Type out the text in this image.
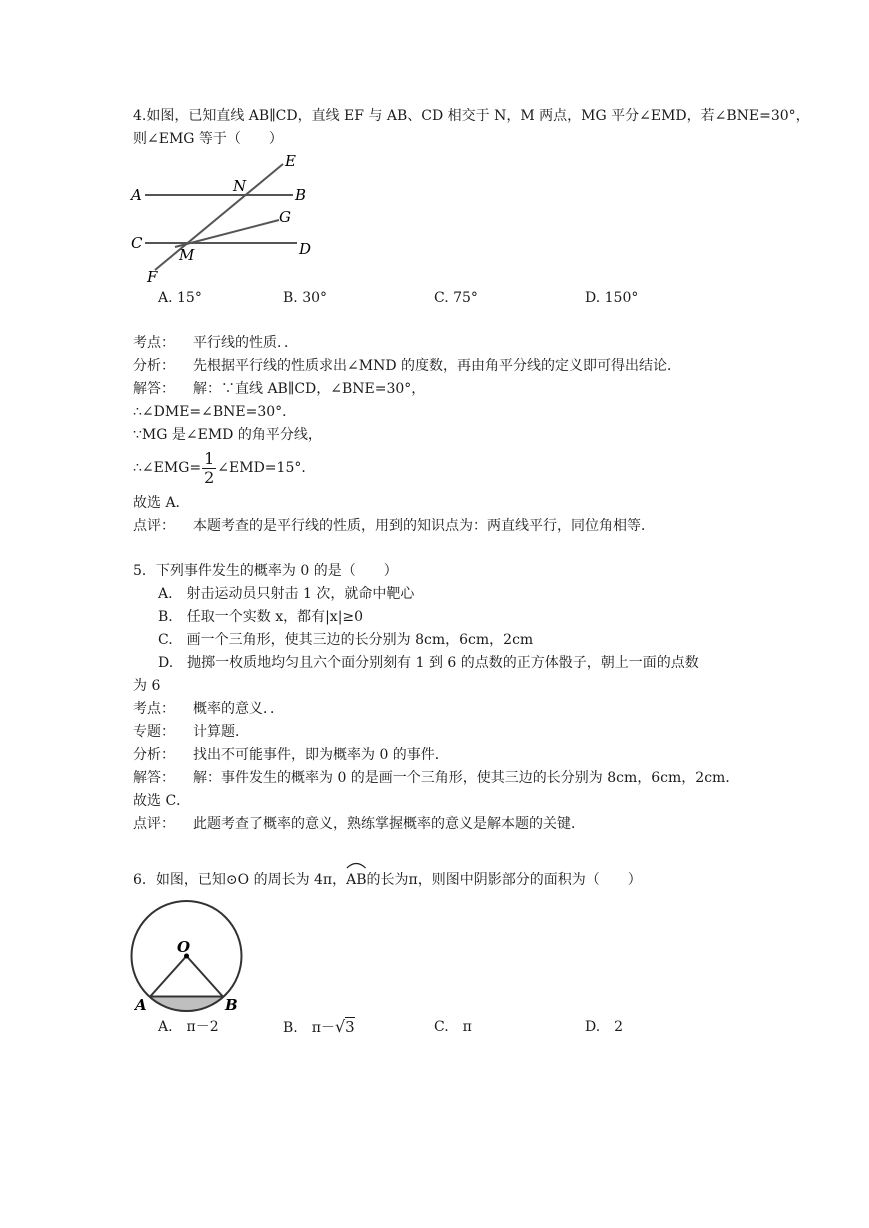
4.如图，已知直线 AB∥CD，直线 EF 与 AB、CD 相交于 N，M 两点，MG 平分∠EMD，若∠BNE=30°，
则∠EMG 等于（　　）
A	B
C	D
E
F
G
N
M
A. 15°	B. 30°	C. 75°	D. 150°
考点： 平行线的性质．．
分析： 先根据平行线的性质求出∠MND 的度数，再由角平分线的定义即可得出结论．
解答： 解：∵直线 AB∥CD，∠BNE=30°，
∴∠DME=∠BNE=30°．
∵MG 是∠EMD 的角平分线，
∴∠EMG= $\frac{1}{2}$ ∠EMD=15°．
故选 A．
点评： 本题考查的是平行线的性质，用到的知识点为：两直线平行，同位角相等．
5．下列事件发生的概率为 0 的是（　　）
A.　射击运动员只射击 1 次，就命中靶心
B.　任取一个实数 x，都有|x|≥0
C.　画一个三角形，使其三边的长分别为 8cm，6cm，2cm
D.　抛掷一枚质地均匀且六个面分别刻有 1 到 6 的点数的正方体骰子，朝上一面的点数
为 6
考点： 概率的意义．．
专题： 计算题．
分析： 找出不可能事件，即为概率为 0 的事件．
解答： 解：事件发生的概率为 0 的是画一个三角形，使其三边的长分别为 8cm，6cm，2cm．
故选 C．
点评： 此题考查了概率的意义，熟练掌握概率的意义是解本题的关键．
6．如图，已知⊙O 的周长为 4π，
AB的长为π，则图中阴影部分的面积为（　　）
O
A	B
A.　π－2	B.　π－√3	C.　π	D.　2
